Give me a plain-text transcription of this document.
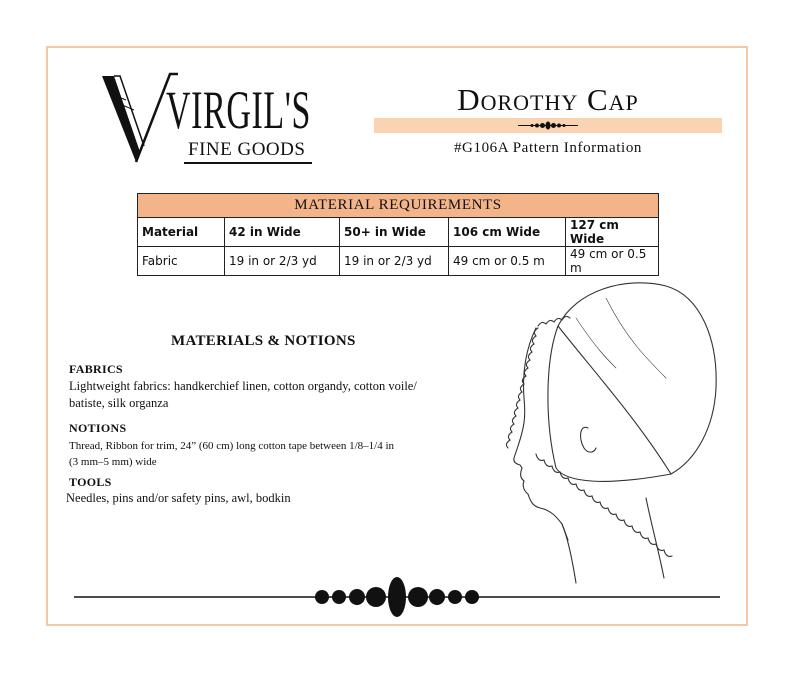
VIRGIL'S
FINE GOODS
Dorothy Cap
#G106A Pattern Information
MATERIAL REQUIREMENTS				
Material	42 in Wide	50+ in Wide	106 cm Wide	127 cm Wide
Fabric	19 in or 2/3 yd	19 in or 2/3 yd	49 cm or 0.5 m	49 cm or 0.5 m
MATERIALS & NOTIONS
FABRICS
Lightweight fabrics: handkerchief linen, cotton organdy, cotton voile/
batiste, silk organza
NOTIONS
Thread, Ribbon for trim, 24” (60 cm) long cotton tape between 1/8–1/4 in
(3 mm–5 mm) wide
TOOLS
Needles, pins and/or safety pins, awl, bodkin
